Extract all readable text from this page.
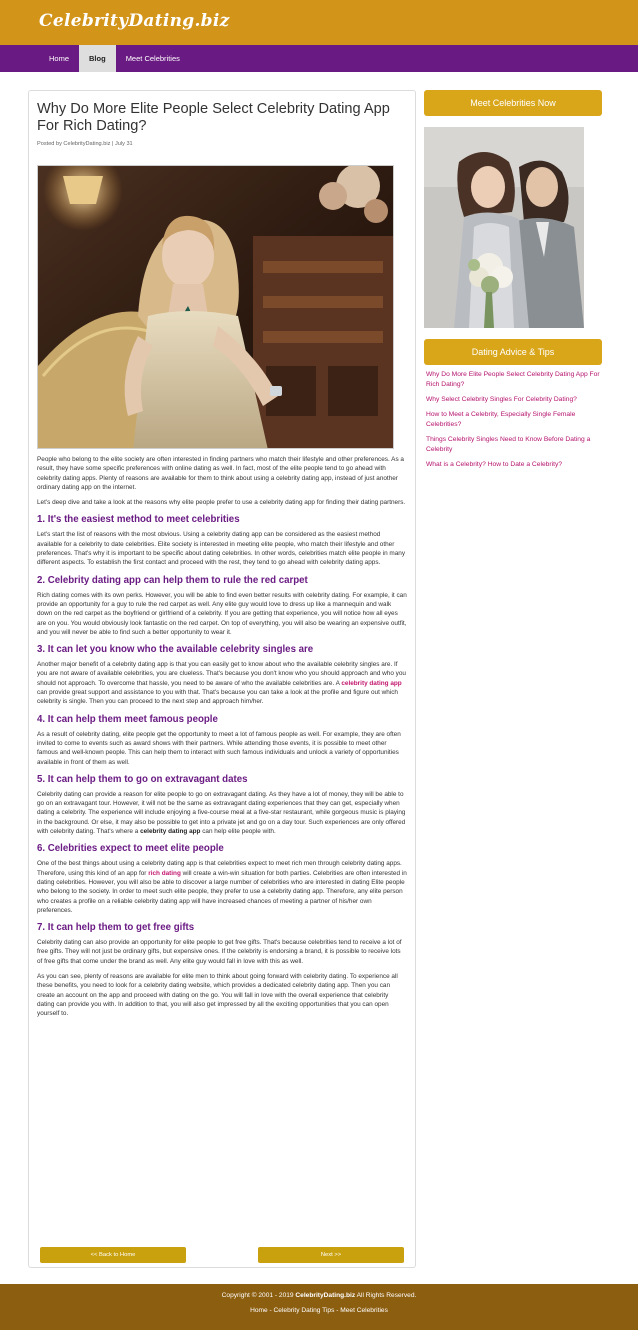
CelebrityDating.biz
Home	Blog	Meet Celebrities
Why Do More Elite People Select Celebrity Dating App For Rich Dating?
Posted by CelebrityDating.biz | July 31

People who belong to the elite society are often interested in finding partners who match their lifestyle and other preferences. As a result, they have some specific preferences with online dating as well. In fact, most of the elite people tend to go ahead with celebrity dating apps. Plenty of reasons are available for them to think about using a celebrity dating app, instead of just another ordinary dating app on the internet.

Let's deep dive and take a look at the reasons why elite people prefer to use a celebrity dating app for finding their dating partners.

1. It's the easiest method to meet celebrities

Let's start the list of reasons with the most obvious. Using a celebrity dating app can be considered as the easiest method available for a celebrity to date celebrities. Elite society is interested in meeting elite people, who match their lifestyle and other preferences. That's why it is important to be specific about dating celebrities. In other words, celebrities match elite people in many different aspects. To establish the first contact and proceed with the rest, they tend to go ahead with celebrity dating apps.

2. Celebrity dating app can help them to rule the red carpet

Rich dating comes with its own perks. However, you will be able to find even better results with celebrity dating. For example, it can provide an opportunity for a guy to rule the red carpet as well. Any elite guy would love to dress up like a mannequin and walk down on the red carpet as the boyfriend or girlfriend of a celebrity. If you are getting that experience, you will notice how all eyes are on you. You would obviously look fantastic on the red carpet. On top of everything, you will also be wearing an expensive outfit, and you will never be able to find such a better opportunity to wear it.

3. It can let you know who the available celebrity singles are

Another major benefit of a celebrity dating app is that you can easily get to know about who the available celebrity singles are. If you are not aware of available celebrities, you are clueless. That's because you don't know who you should approach and who you should not approach. To overcome that hassle, you need to be aware of who the available celebrities are. A celebrity dating app can provide great support and assistance to you with that. That's because you can take a look at the profile and figure out which celebrity is single. Then you can proceed to the next step and approach him/her.

4. It can help them meet famous people

As a result of celebrity dating, elite people get the opportunity to meet a lot of famous people as well. For example, they are often invited to come to events such as award shows with their partners. While attending those events, it is possible to meet other famous and well-known people. This can help them to interact with such famous individuals and unlock a variety of opportunities available in front of them as well.

5. It can help them to go on extravagant dates

Celebrity dating can provide a reason for elite people to go on extravagant dating. As they have a lot of money, they will be able to go on an extravagant tour. However, it will not be the same as extravagant dating experiences that they can get, especially when dating a celebrity. The experience will include enjoying a five-course meal at a five-star restaurant, while gorgeous music is playing in the background. Or else, it may also be possible to get into a private jet and go on a day tour. Such experiences are only offered with celebrity dating. That's where a celebrity dating app can help elite people with.

6. Celebrities expect to meet elite people

One of the best things about using a celebrity dating app is that celebrities expect to meet rich men through celebrity dating apps. Therefore, using this kind of an app for rich dating will create a win-win situation for both parties. Celebrities are often interested in dating celebrities. However, you will also be able to discover a large number of celebrities who are interested in dating Elite people who belong to the society. In order to meet such elite people, they prefer to use a celebrity dating app. Therefore, any elite person who creates a profile on a reliable celebrity dating app will have increased chances of meeting a partner of his/her own preferences.

7. It can help them to get free gifts

Celebrity dating can also provide an opportunity for elite people to get free gifts. That's because celebrities tend to receive a lot of free gifts. They will not just be ordinary gifts, but expensive ones. If the celebrity is endorsing a brand, it is possible to receive lots of free gifts that come under the brand as well. Any elite guy would fall in love with this as well.

As you can see, plenty of reasons are available for elite men to think about going forward with celebrity dating. To experience all these benefits, you need to look for a celebrity dating website, which provides a dedicated celebrity dating app. Then you can create an account on the app and proceed with dating on the go. You will fall in love with the overall experience that celebrity dating can provide you with. In addition to that, you will also get impressed by all the exciting opportunities that you can open yourself to.

<< Back to Home	Next >>
Meet Celebrities Now
Dating Advice & Tips
Why Do More Elite People Select Celebrity Dating App For Rich Dating?
Why Select Celebrity Singles For Celebrity Dating?
How to Meet a Celebrity, Especially Single Female Celebrities?
Things Celebrity Singles Need to Know Before Dating a Celebrity
What is a Celebrity? How to Date a Celebrity?
Copyright © 2001 - 2019 CelebrityDating.biz All Rights Reserved.
Home - Celebrity Dating Tips - Meet Celebrities
